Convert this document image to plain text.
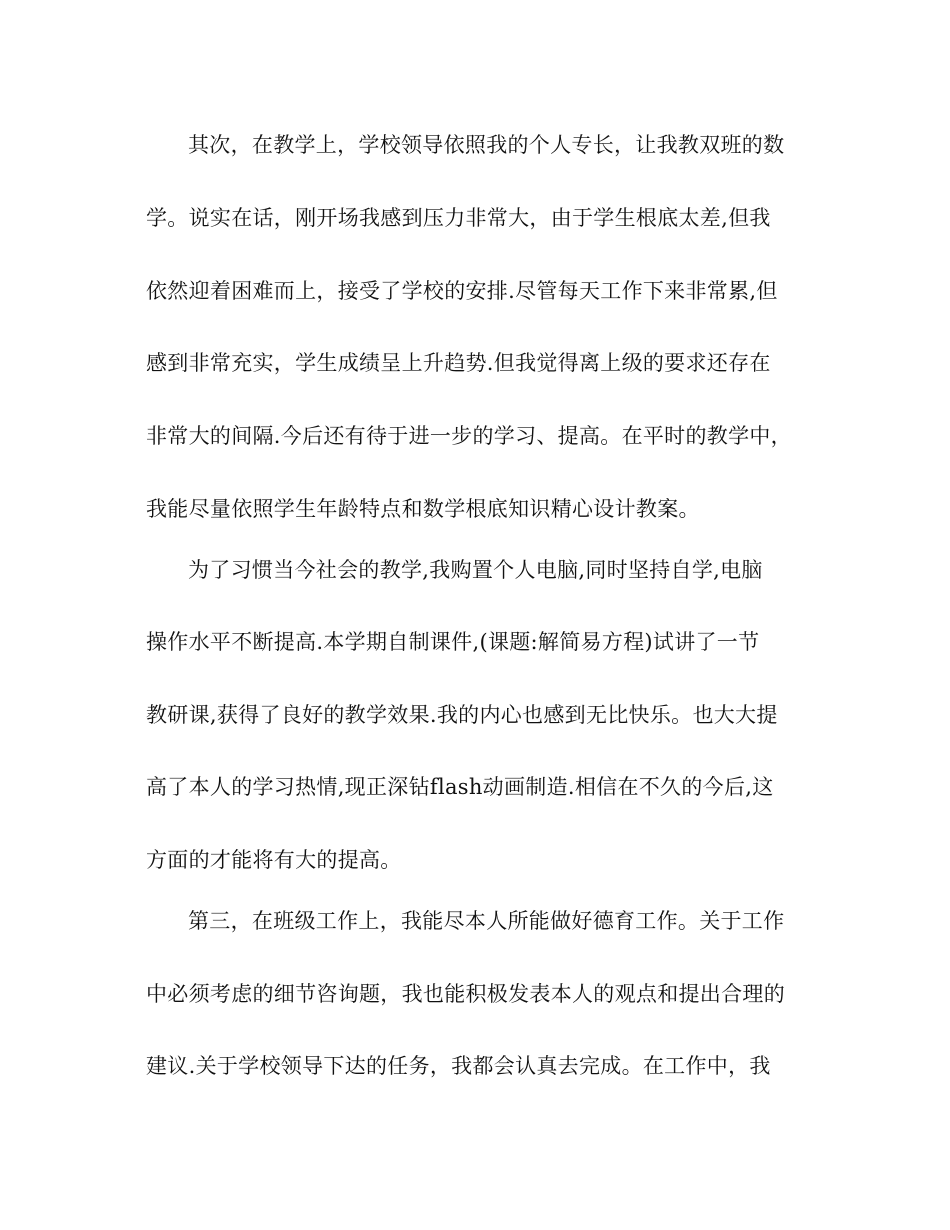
其次，在教学上，学校领导依照我的个人专长，让我教双班的数
学。说实在话，刚开场我感到压力非常大，由于学生根底太差,但我
依然迎着困难而上，接受了学校的安排.尽管每天工作下来非常累,但
感到非常充实，学生成绩呈上升趋势.但我觉得离上级的要求还存在
非常大的间隔.今后还有待于进一步的学习、提高。在平时的教学中，
我能尽量依照学生年龄特点和数学根底知识精心设计教案。
为了习惯当今社会的教学,我购置个人电脑,同时坚持自学,电脑
操作水平不断提高.本学期自制课件,(课题:解简易方程)试讲了一节
教研课,获得了良好的教学效果.我的内心也感到无比快乐。也大大提
高了本人的学习热情,现正深钻flash动画制造.相信在不久的今后,这
方面的才能将有大的提高。
第三，在班级工作上，我能尽本人所能做好德育工作。关于工作
中必须考虑的细节咨询题，我也能积极发表本人的观点和提出合理的
建议.关于学校领导下达的任务，我都会认真去完成。在工作中，我
